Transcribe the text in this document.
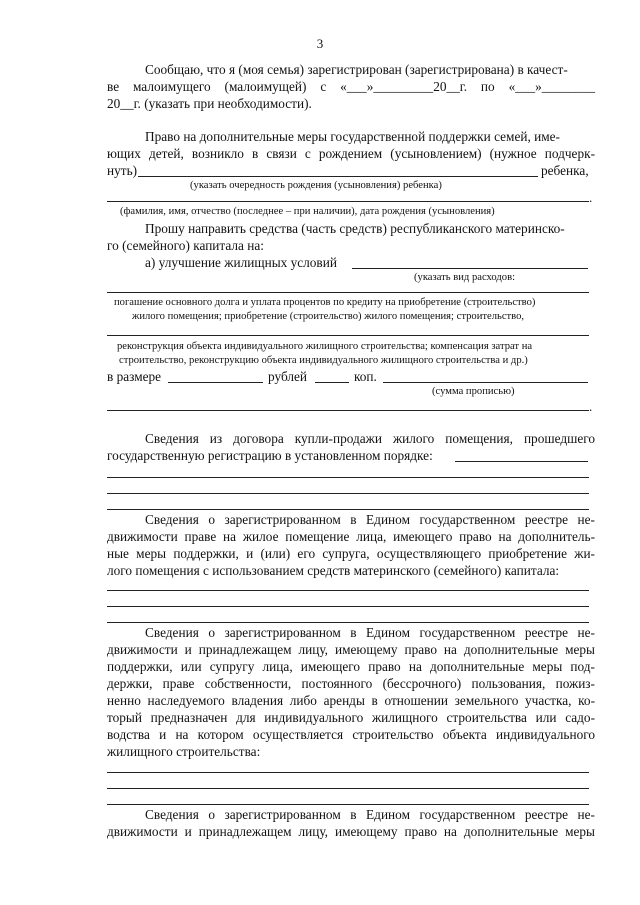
3
Сообщаю, что я (моя семья) зарегистрирован (зарегистрирована) в качест-
ве малоимущего (малоимущей) с «___»_________20__г. по «___»________
20__г. (указать при необходимости).
Право на дополнительные меры государственной поддержки семей, име-
ющих детей, возникло в связи с рождением (усыновлением) (нужное подчерк-
нуть)	ребенка,
(указать очередность рождения (усыновления) ребенка)
.
(фамилия, имя, отчество (последнее – при наличии), дата рождения (усыновления)
Прошу направить средства (часть средств) республиканского материнско-
го (семейного) капитала на:
а) улучшение жилищных условий
(указать вид расходов:
погашение основного долга и уплата процентов по кредиту на приобретение (строительство)
жилого помещения; приобретение (строительство) жилого помещения; строительство,
реконструкция объекта индивидуального жилищного строительства; компенсация затрат на
строительство, реконструкцию объекта индивидуального жилищного строительства и др.)
в размере	рублей	коп.
(сумма прописью)
.
Сведения из договора купли-продажи жилого помещения, прошедшего
государственную регистрацию в установленном порядке:
Сведения о зарегистрированном в Едином государственном реестре не-
движимости праве на жилое помещение лица, имеющего право на дополнитель-
ные меры поддержки, и (или) его супруга, осуществляющего приобретение жи-
лого помещения с использованием средств материнского (семейного) капитала:
Сведения о зарегистрированном в Едином государственном реестре не-
движимости и принадлежащем лицу, имеющему право на дополнительные меры
поддержки, или супругу лица, имеющего право на дополнительные меры под-
держки, праве собственности, постоянного (бессрочного) пользования, пожиз-
ненно наследуемого владения либо аренды в отношении земельного участка, ко-
торый предназначен для индивидуального жилищного строительства или садо-
водства и на котором осуществляется строительство объекта индивидуального
жилищного строительства:
Сведения о зарегистрированном в Едином государственном реестре не-
движимости и принадлежащем лицу, имеющему право на дополнительные меры
